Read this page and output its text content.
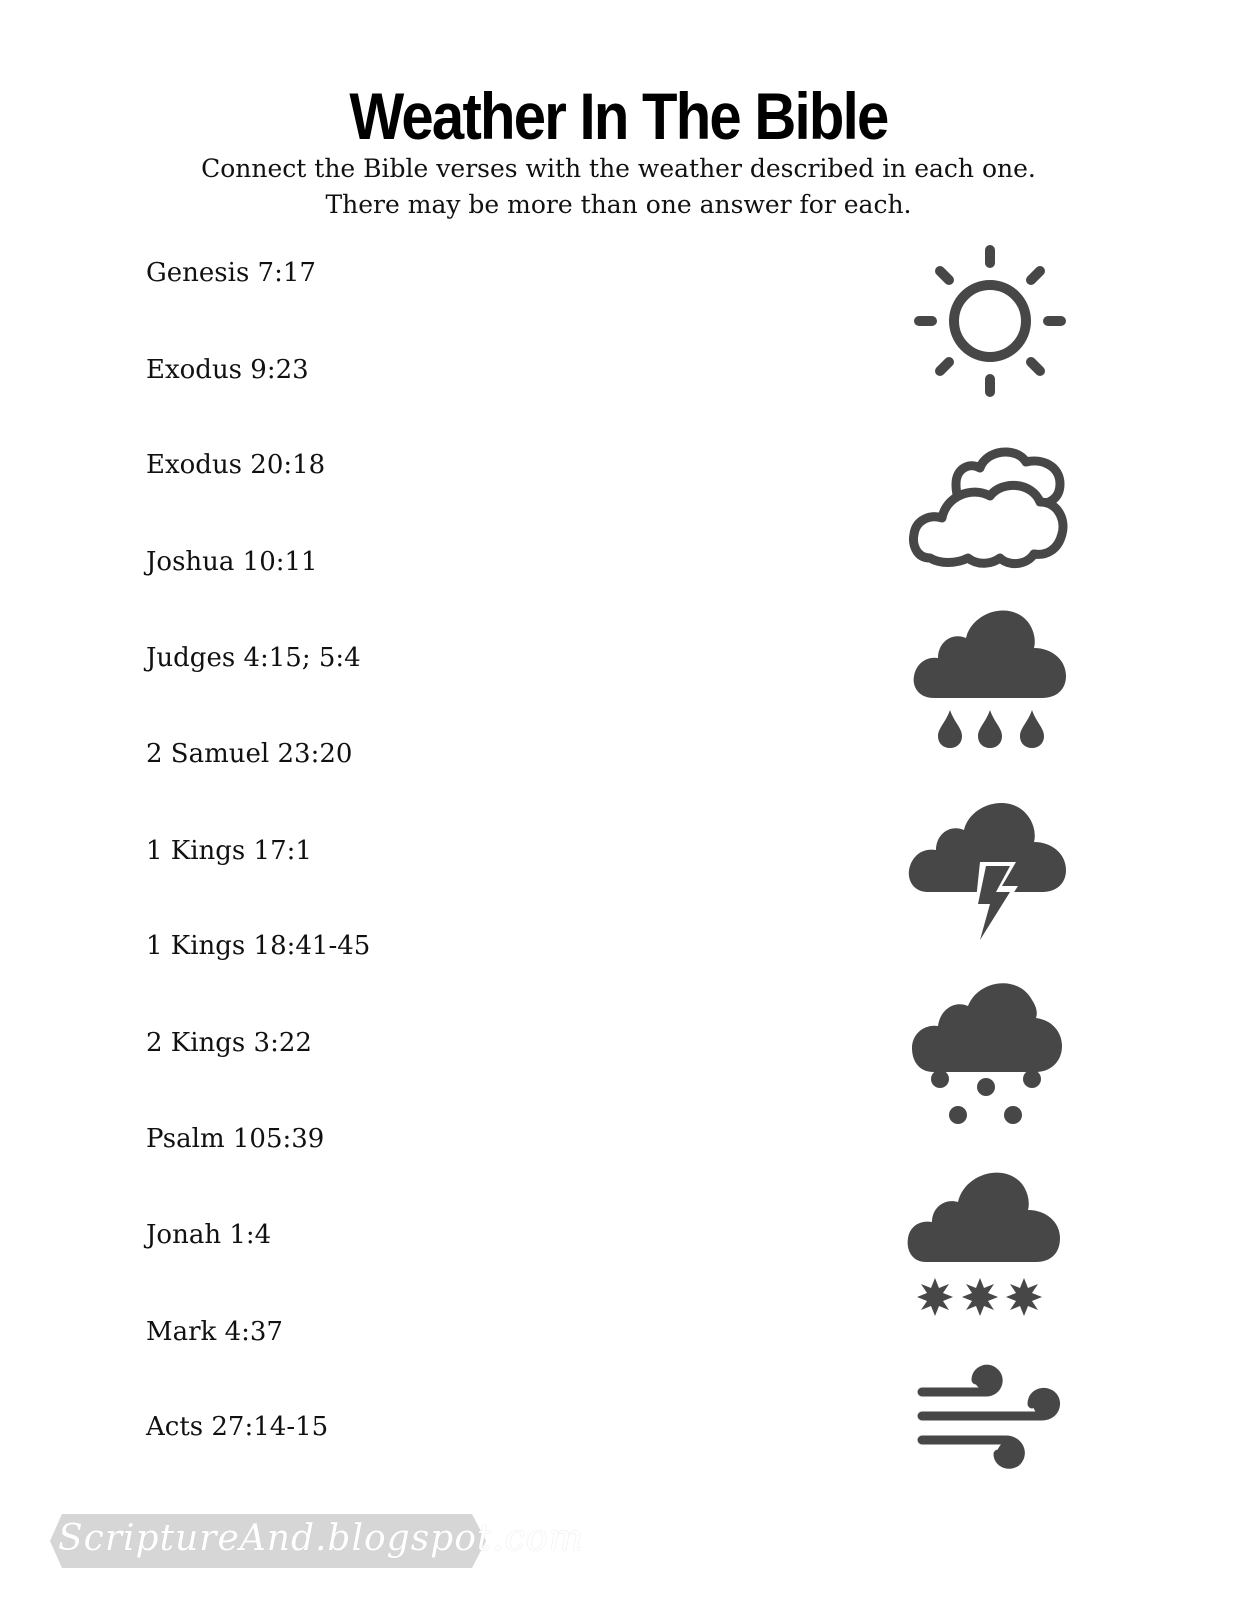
Weather In The Bible
Connect the Bible verses with the weather described in each one.
There may be more than one answer for each.
Genesis 7:17
Exodus 9:23
Exodus 20:18
Joshua 10:11
Judges 4:15; 5:4
2 Samuel 23:20
1 Kings 17:1
1 Kings 18:41-45
2 Kings 3:22
Psalm 105:39
Jonah 1:4
Mark 4:37
Acts 27:14-15
ScriptureAnd.blogspot.com
